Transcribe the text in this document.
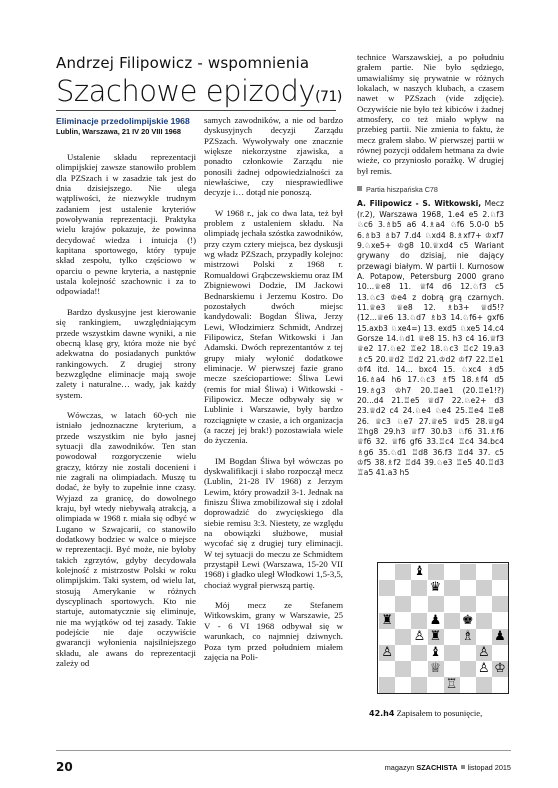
Andrzej Filipowicz - wspomnienia
Szachowe epizody(71)
Eliminacje przedolimpijskie 1968
Lublin, Warszawa, 21 IV 20 VIII 1968

Ustalenie składu reprezentacji olimpijskiej zawsze stanowiło problem dla PZSzach i w zasadzie tak jest do dnia dzisiejszego. Nie ulega wątpliwości, że niezwykle trudnym zadaniem jest ustalenie kryteriów powoływania reprezentacji. Praktyka wielu krajów pokazuje, że powinna decydować wiedza i intuicja (!) kapitana sportowego, który typuje skład zespołu, tylko częściowo w oparciu o pewne kryteria, a następnie ustala kolejność szachownic i za to odpowiada!!

Bardzo dyskusyjne jest kierowanie się rankingiem, uwzględniającym przede wszystkim dawne wyniki, a nie obecną klasę gry, która może nie być adekwatna do posiadanych punktów rankingowych. Z drugiej strony bezwzględne eliminacje mają swoje zalety i naturalne… wady, jak każdy system.

Wówczas, w latach 60-ych nie istniało jednoznaczne kryterium, a przede wszystkim nie było jasnej sytuacji dla zawodników. Ten stan powodował rozgoryczenie wielu graczy, którzy nie zostali docenieni i nie zagrali na olimpiadach. Muszę tu dodać, że były to zupełnie inne czasy. Wyjazd za granicę, do dowolnego kraju, był wtedy niebywałą atrakcją, a olimpiada w 1968 r. miała się odbyć w Lugano w Szwajcarii, co stanowiło dodatkowy bodziec w walce o miejsce w reprezentacji. Być może, nie byłoby takich zgrzytów, gdyby decydowała kolejność z mistrzostw Polski w roku olimpijskim. Taki system, od wielu lat, stosują Amerykanie w różnych dyscyplinach sportowych. Kto nie startuje, automatycznie się eliminuje, nie ma wyjątków od tej zasady. Takie podejście nie daje oczywiście gwarancji wyłonienia najsilniejszego składu, ale awans do reprezentacji zależy od

samych zawodników, a nie od bardzo dyskusyjnych decyzji Zarządu PZSzach. Wywoływały one znacznie większe niekorzystne zjawiska, a ponadto członkowie Zarządu nie ponosili żadnej odpowiedzialności za niewłaściwe, czy niesprawiedliwe decyzje i… dotąd nie ponoszą.

W 1968 r., jak co dwa lata, też był problem z ustaleniem składu. Na olimpiadę jechała szóstka zawodników, przy czym cztery miejsca, bez dyskusji wg władz PZSzach, przypadły kolejno: mistrzowi Polski z 1968 r. Romualdowi Grąbczewskiemu oraz IM Zbigniewowi Dodzie, IM Jackowi Bednarskiemu i Jerzemu Kostro. Do pozostałych dwóch miejsc kandydowali: Bogdan Śliwa, Jerzy Lewi, Włodzimierz Schmidt, Andrzej Filipowicz, Stefan Witkowski i Jan Adamski. Dwóch reprezentantów z tej grupy miały wyłonić dodatkowe eliminacje. W pierwszej fazie grano mecze sześciopartiowe: Śliwa Lewi (remis for miał Śliwa) i Witkowski - Filipowicz. Mecze odbywały się w Lublinie i Warszawie, były bardzo rozciągnięte w czasie, a ich organizacja (a raczej jej brak!) pozostawiała wiele do życzenia.

IM Bogdan Śliwa był wówczas po dyskwalifikacji i słabo rozpoczął mecz (Lublin, 21-28 IV 1968) z Jerzym Lewim, który prowadził 3-1. Jednak na finiszu Śliwa zmobilizował się i zdołał doprowadzić do zwycięskiego dla siebie remisu 3:3. Niestety, ze względu na obowiązki służbowe, musiał wycofać się z drugiej tury eliminacji. W tej sytuacji do meczu ze Schmidtem przystąpił Lewi (Warszawa, 15-20 VII 1968) i gładko uległ Włodkowi 1,5-3,5, chociaż wygrał pierwszą partię.

Mój mecz ze Stefanem Witkowskim, grany w Warszawie, 25 V - 6 VI 1968 odbywał się w warunkach, co najmniej dziwnych. Poza tym przed południem miałem zajęcia na Poli-

technice Warszawskiej, a po południu grałem partie. Nie było sędziego, umawialiśmy się prywatnie w różnych lokalach, w naszych klubach, a czasem nawet w PZSzach (vide zdjęcie). Oczywiście nie było też kibiców i żadnej atmosfery, co też miało wpływ na przebieg partii. Nie zmienia to faktu, że mecz grałem słabo. W pierwszej partii w równej pozycji oddałem hetmana za dwie wieże, co przyniosło porażkę. W drugiej był remis.

Partia hiszpańska C78
A. Filipowicz - S. Witkowski, Mecz (r.2), Warszawa 1968, 1.e4 e5 2.♘f3 ♘c6 3.♗b5 a6 4.♗a4 ♘f6 5.0-0 b5 6.♗b3 ♗b7 7.d4 ♘xd4 8.♗xf7+ ♔xf7 9.♘xe5+ ♔g8 10.♕xd4 c5 Wariant grywany do dzisiaj, nie dający przewagi białym. W partii I. Kurnosow A. Potapow, Petersburg 2000 grano 10…♕e8 11. ♕f4 d6 12.♘f3 c5 13.♘c3 ♔e4 z dobrą grą czarnych. 11.♕e3 ♕e8 12. ♗b3+ ♕d5!? (12...♕e6 13.♘d7 ♗b3 14.♘f6+ gxf6 15.axb3 ♘xe4=) 13. exd5 ♘xe5 14.c4 Gorsze 14.♘d1 ♕e8 15. h3 c4 16.♕f3 ♕e2 17.♘e2 ♖e2 18.♘c3 ♖c2 19.a3 ♗c5 20.♕d2 ♖d2 21.♔d2 ♔f7 22.♖e1 ♔f4 itd. 14... bxc4 15. ♘xc4 ♗d5 16.♗a4 h6 17.♘c3 ♗f5 18.♗f4 d5 19.♗g3 ♔h7 20.♖ae1 (20.♖e1!?) 20...d4 21.♖e5 ♕d7 22.♘e2+ d3 23.♕d2 c4 24.♘e4 ♘e4 25.♖e4 ♖e8 26. ♕c3 ♘e7 27.♕e5 ♕d5 28.♕g4 ♖hg8 29.h3 ♕f7 30.b3 ♘f6 31.♗f6 ♕f6 32. ♕f6 gf6 33.♖c4 ♖c4 34.bc4 ♗g6 35.♘d1 ♖d8 36.f3 ♖d4 37. c5 ♔f5 38.♗f2 ♖d4 39.♘e3 ♖e5 40.♖d3 ♖a5 41.a3 h5
♝
♛
♜
♜
♕
♝
♟ ♚
♙	♗ ♟
♙	♙
♙ ♔
♖
42.h4 Zapisałem to posunięcie,
20	magazyn SZACHISTA listopad 2015
